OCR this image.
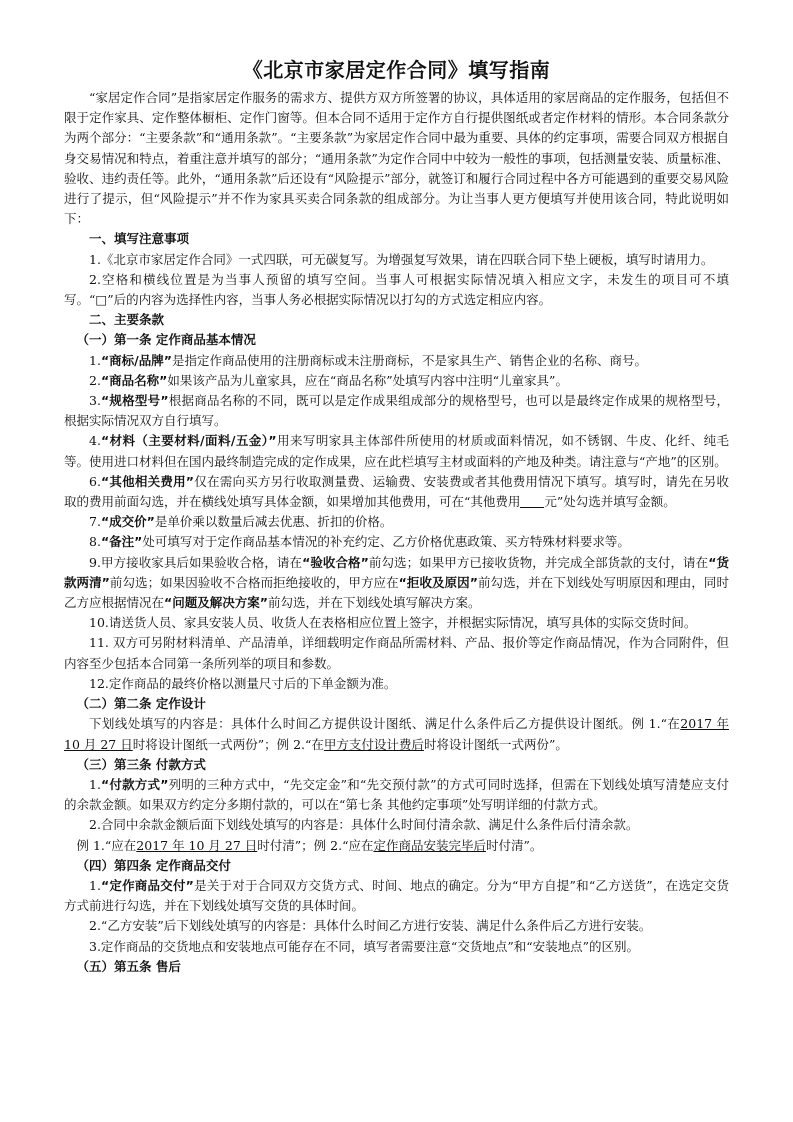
《北京市家居定作合同》填写指南

“家居定作合同”是指家居定作服务的需求方、提供方双方所签署的协议，具体适用的家居商品的定作服务，包括但不限于定作家具、定作整体橱柜、定作门窗等。但本合同不适用于定作方自行提供图纸或者定作材料的情形。本合同条款分为两个部分：“主要条款”和“通用条款”。“主要条款”为家居定作合同中最为重要、具体的约定事项，需要合同双方根据自身交易情况和特点，着重注意并填写的部分；“通用条款”为定作合同中中较为一般性的事项，包括测量安装、质量标准、验收、违约责任等。此外，“通用条款”后还设有“风险提示”部分，就签订和履行合同过程中各方可能遇到的重要交易风险进行了提示，但“风险提示”并不作为家具买卖合同条款的组成部分。为让当事人更方便填写并使用该合同，特此说明如下：

一、填写注意事项

1.《北京市家居定作合同》一式四联，可无碳复写。为增强复写效果，请在四联合同下垫上硬板，填写时请用力。

2.空格和横线位置是为当事人预留的填写空间。当事人可根据实际情况填入相应文字，未发生的项目可不填写。“□”后的内容为选择性内容，当事人务必根据实际情况以打勾的方式选定相应内容。

二、主要条款

（一）第一条 定作商品基本情况

1.“商标/品牌”是指定作商品使用的注册商标或未注册商标，不是家具生产、销售企业的名称、商号。

2.“商品名称”如果该产品为儿童家具，应在“商品名称”处填写内容中注明“儿童家具”。

3.“规格型号”根据商品名称的不同，既可以是定作成果组成部分的规格型号，也可以是最终定作成果的规格型号，根据实际情况双方自行填写。

4.“材料（主要材料/面料/五金）”用来写明家具主体部件所使用的材质或面料情况，如不锈钢、牛皮、化纤、纯毛等。使用进口材料但在国内最终制造完成的定作成果，应在此栏填写主材或面料的产地及种类。请注意与“产地”的区别。

6.“其他相关费用”仅在需向买方另行收取测量费、运输费、安装费或者其他费用情况下填写。填写时，请先在另收取的费用前面勾选，并在横线处填写具体金额，如果增加其他费用，可在“其他费用 元”处勾选并填写金额。

7.“成交价”是单价乘以数量后减去优惠、折扣的价格。

8.“备注”处可填写对于定作商品基本情况的补充约定、乙方价格优惠政策、买方特殊材料要求等。

9.甲方接收家具后如果验收合格，请在“验收合格”前勾选；如果甲方已接收货物，并完成全部货款的支付，请在“货款两清”前勾选；如果因验收不合格而拒绝接收的，甲方应在“拒收及原因”前勾选，并在下划线处写明原因和理由，同时乙方应根据情况在“问题及解决方案”前勾选，并在下划线处填写解决方案。

10.请送货人员、家具安装人员、收货人在表格相应位置上签字，并根据实际情况，填写具体的实际交货时间。

11. 双方可另附材料清单、产品清单，详细载明定作商品所需材料、产品、报价等定作商品情况，作为合同附件，但内容至少包括本合同第一条所列举的项目和参数。

12.定作商品的最终价格以测量尺寸后的下单金额为准。

（二）第二条 定作设计

下划线处填写的内容是：具体什么时间乙方提供设计图纸、满足什么条件后乙方提供设计图纸。例 1.“在2017 年 10 月 27 日时将设计图纸一式两份”；例 2.“在甲方支付设计费后时将设计图纸一式两份”。

（三）第三条 付款方式

1.“付款方式”列明的三种方式中，“先交定金”和“先交预付款”的方式可同时选择，但需在下划线处填写清楚应支付的余款金额。如果双方约定分多期付款的，可以在“第七条 其他约定事项”处写明详细的付款方式。

2.合同中余款金额后面下划线处填写的内容是：具体什么时间付清余款、满足什么条件后付清余款。

例 1.“应在2017 年 10 月 27 日时付清”；例 2.“应在定作商品安装完毕后时付清”。

（四）第四条 定作商品交付

1.“定作商品交付”是关于对于合同双方交货方式、时间、地点的确定。分为“甲方自提”和“乙方送货”，在选定交货方式前进行勾选，并在下划线处填写交货的具体时间。

2.“乙方安装”后下划线处填写的内容是：具体什么时间乙方进行安装、满足什么条件后乙方进行安装。

3.定作商品的交货地点和安装地点可能存在不同，填写者需要注意“交货地点”和“安装地点”的区别。

（五）第五条 售后
